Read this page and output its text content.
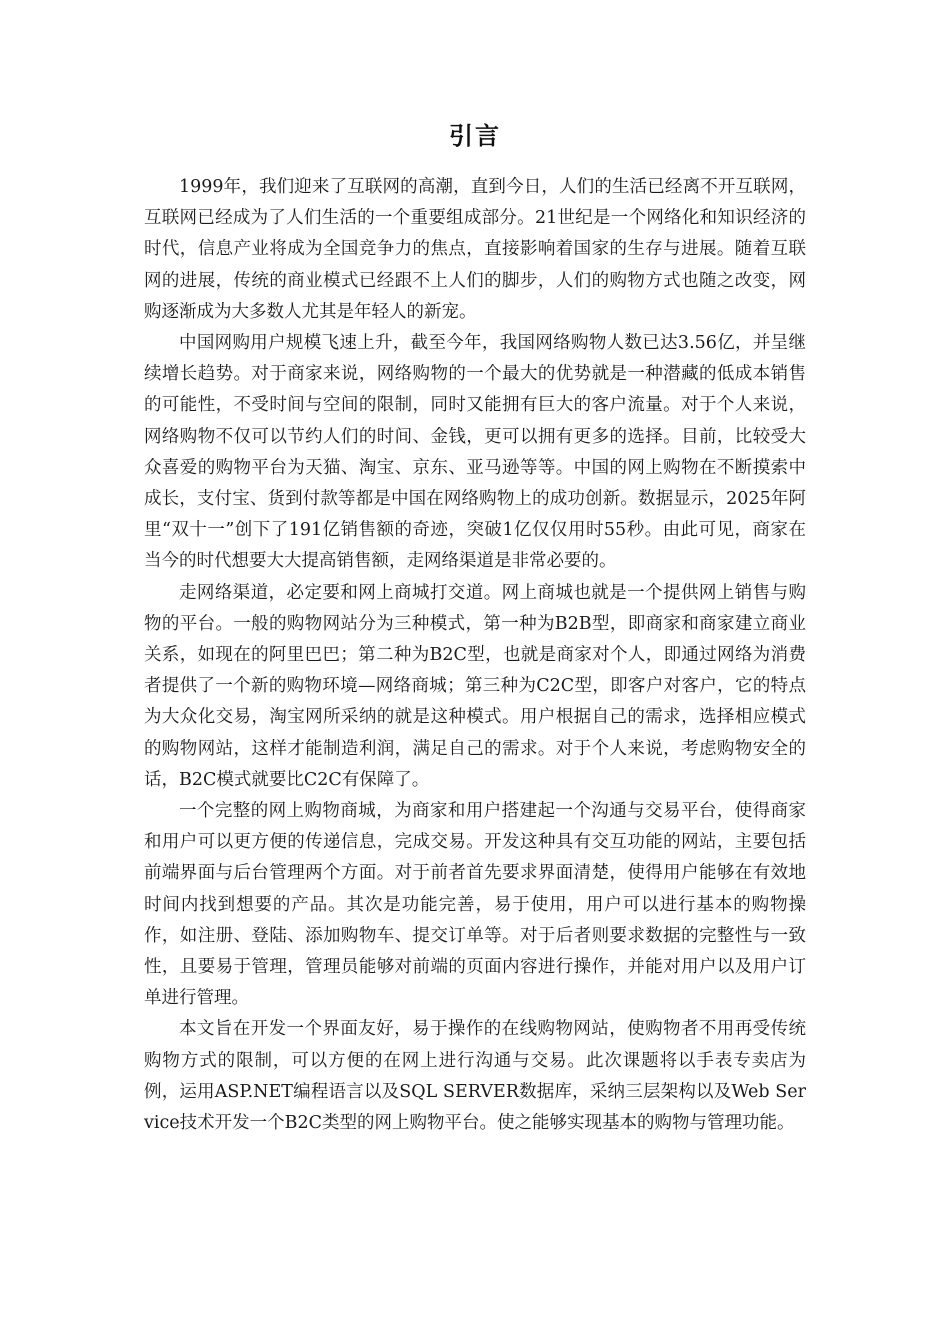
引言

1999年，我们迎来了互联网的高潮，直到今日，人们的生活已经离不开互联网，互联网已经成为了人们生活的一个重要组成部分。21世纪是一个网络化和知识经济的时代，信息产业将成为全国竞争力的焦点，直接影响着国家的生存与进展。随着互联网的进展，传统的商业模式已经跟不上人们的脚步，人们的购物方式也随之改变，网购逐渐成为大多数人尤其是年轻人的新宠。

中国网购用户规模飞速上升，截至今年，我国网络购物人数已达3.56亿，并呈继续增长趋势。对于商家来说，网络购物的一个最大的优势就是一种潜藏的低成本销售的可能性，不受时间与空间的限制，同时又能拥有巨大的客户流量。对于个人来说，网络购物不仅可以节约人们的时间、金钱，更可以拥有更多的选择。目前，比较受大众喜爱的购物平台为天猫、淘宝、京东、亚马逊等等。中国的网上购物在不断摸索中成长，支付宝、货到付款等都是中国在网络购物上的成功创新。数据显示，2025年阿里“双十一”创下了191亿销售额的奇迹，突破1亿仅仅用时55秒。由此可见，商家在当今的时代想要大大提高销售额，走网络渠道是非常必要的。

走网络渠道，必定要和网上商城打交道。网上商城也就是一个提供网上销售与购物的平台。一般的购物网站分为三种模式，第一种为B2B型，即商家和商家建立商业关系，如现在的阿里巴巴；第二种为B2C型，也就是商家对个人，即通过网络为消费者提供了一个新的购物环境—网络商城；第三种为C2C型，即客户对客户，它的特点为大众化交易，淘宝网所采纳的就是这种模式。用户根据自己的需求，选择相应模式的购物网站，这样才能制造利润，满足自己的需求。对于个人来说，考虑购物安全的话，B2C模式就要比C2C有保障了。

一个完整的网上购物商城，为商家和用户搭建起一个沟通与交易平台，使得商家和用户可以更方便的传递信息，完成交易。开发这种具有交互功能的网站，主要包括前端界面与后台管理两个方面。对于前者首先要求界面清楚，使得用户能够在有效地时间内找到想要的产品。其次是功能完善，易于使用，用户可以进行基本的购物操作，如注册、登陆、添加购物车、提交订单等。对于后者则要求数据的完整性与一致性，且要易于管理，管理员能够对前端的页面内容进行操作，并能对用户以及用户订单进行管理。

本文旨在开发一个界面友好，易于操作的在线购物网站，使购物者不用再受传统购物方式的限制，可以方便的在网上进行沟通与交易。此次课题将以手表专卖店为例，运用ASP.NET编程语言以及SQL SERVER数据库，采纳三层架构以及Web Service技术开发一个B2C类型的网上购物平台。使之能够实现基本的购物与管理功能。
